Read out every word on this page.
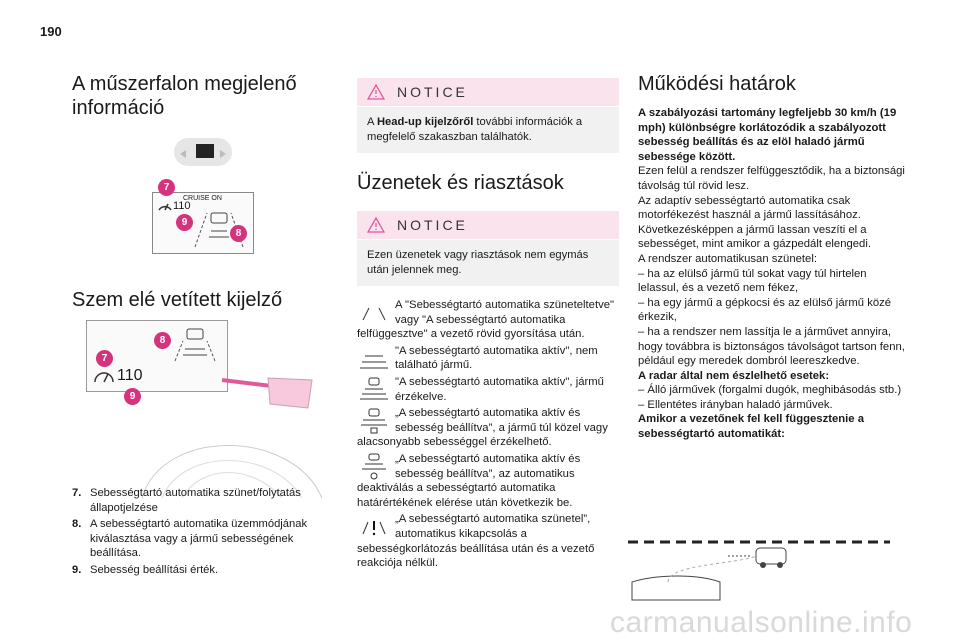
190
A műszerfalon megjelenő információ
CRUISE ON
110
7
9
8
Szem elé vetített kijelző
110
8
7
9
7. Sebességtartó automatika szünet/folytatás állapotjelzése
8. A sebességtartó automatika üzemmódjának kiválasztása vagy a jármű sebességének beállítása.
9. Sebesség beállítási érték.
NOTICE
A Head-up kijelzőről további információk a megfelelő szakaszban találhatók.
Üzenetek és riasztások
NOTICE
Ezen üzenetek vagy riasztások nem egymás után jelennek meg.
A "Sebességtartó automatika szüneteltetve" vagy "A sebességtartó automatika felfüggesztve" a vezető rövid gyorsítása után.
"A sebességtartó automatika aktív", nem található jármű.
"A sebességtartó automatika aktív", jármű érzékelve.
„A sebességtartó automatika aktív és sebesség beállítva”, a jármű túl közel vagy alacsonyabb sebességgel érzékelhető.
„A sebességtartó automatika aktív és sebesség beállítva”, az automatikus deaktiválás a sebességtartó automatika határértékének elérése után következik be.
„A sebességtartó automatika szünetel”, automatikus kikapcsolás a sebességkorlátozás beállítása után és a vezető reakciója nélkül.
Működési határok
A szabályozási tartomány legfeljebb 30 km/h (19 mph) különbségre korlátozódik a szabályozott sebesség beállítás és az elöl haladó jármű sebessége között.
Ezen felül a rendszer felfüggesztődik, ha a biztonsági távolság túl rövid lesz.
Az adaptív sebességtartó automatika csak motorfékezést használ a jármű lassításához.
Következésképpen a jármű lassan veszíti el a sebességet, mint amikor a gázpedált elengedi.
A rendszer automatikusan szünetel:
– ha az elülső jármű túl sokat vagy túl hirtelen lelassul, és a vezető nem fékez,
– ha egy jármű a gépkocsi és az elülső jármű közé érkezik,
– ha a rendszer nem lassítja le a járművet annyira, hogy továbbra is biztonságos távolságot tartson fenn, például egy meredek dombról leereszkedve.
A radar által nem észlelhető esetek:
– Álló járművek (forgalmi dugók, meghibásodás stb.)
– Ellentétes irányban haladó járművek.
Amikor a vezetőnek fel kell függesztenie a sebességtartó automatikát:
carmanualsonline.info
